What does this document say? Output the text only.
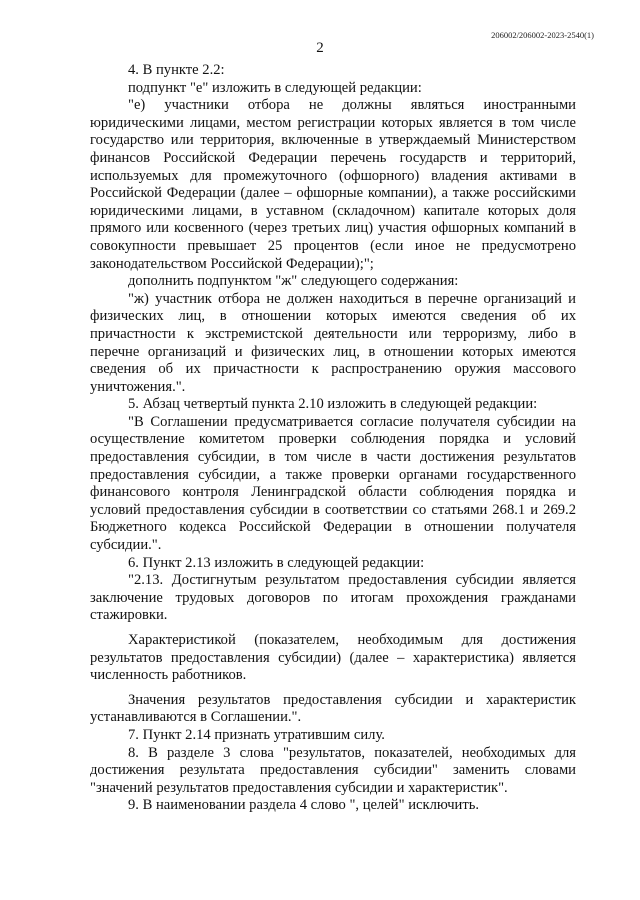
206002/206002-2023-2540(1)
2

4. В пункте 2.2:

подпункт "е" изложить в следующей редакции:

"е) участники отбора не должны являться иностранными юридическими лицами, местом регистрации которых является в том числе государство или территория, включенные в утверждаемый Министерством финансов Российской Федерации перечень государств и территорий, используемых для промежуточного (офшорного) владения активами в Российской Федерации (далее – офшорные компании), а также российскими юридическими лицами, в уставном (складочном) капитале которых доля прямого или косвенного (через третьих лиц) участия офшорных компаний в совокупности превышает 25 процентов (если иное не предусмотрено законодательством Российской Федерации);";

дополнить подпунктом "ж" следующего содержания:

"ж) участник отбора не должен находиться в перечне организаций и физических лиц, в отношении которых имеются сведения об их причастности к экстремистской деятельности или терроризму, либо в перечне организаций и физических лиц, в отношении которых имеются сведения об их причастности к распространению оружия массового уничтожения.".

5. Абзац четвертый пункта 2.10 изложить в следующей редакции:

"В Соглашении предусматривается согласие получателя субсидии на осуществление комитетом проверки соблюдения порядка и условий предоставления субсидии, в том числе в части достижения результатов предоставления субсидии, а также проверки органами государственного финансового контроля Ленинградской области соблюдения порядка и условий предоставления субсидии в соответствии со статьями 268.1 и 269.2 Бюджетного кодекса Российской Федерации в отношении получателя субсидии.".

6. Пункт 2.13 изложить в следующей редакции:

"2.13. Достигнутым результатом предоставления субсидии является заключение трудовых договоров по итогам прохождения гражданами стажировки.

Характеристикой (показателем, необходимым для достижения результатов предоставления субсидии) (далее – характеристика) является численность работников.

Значения результатов предоставления субсидии и характеристик устанавливаются в Соглашении.".

7. Пункт 2.14 признать утратившим силу.

8. В разделе 3 слова "результатов, показателей, необходимых для достижения результата предоставления субсидии" заменить словами "значений результатов предоставления субсидии и характеристик".

9. В наименовании раздела 4 слово ", целей" исключить.
